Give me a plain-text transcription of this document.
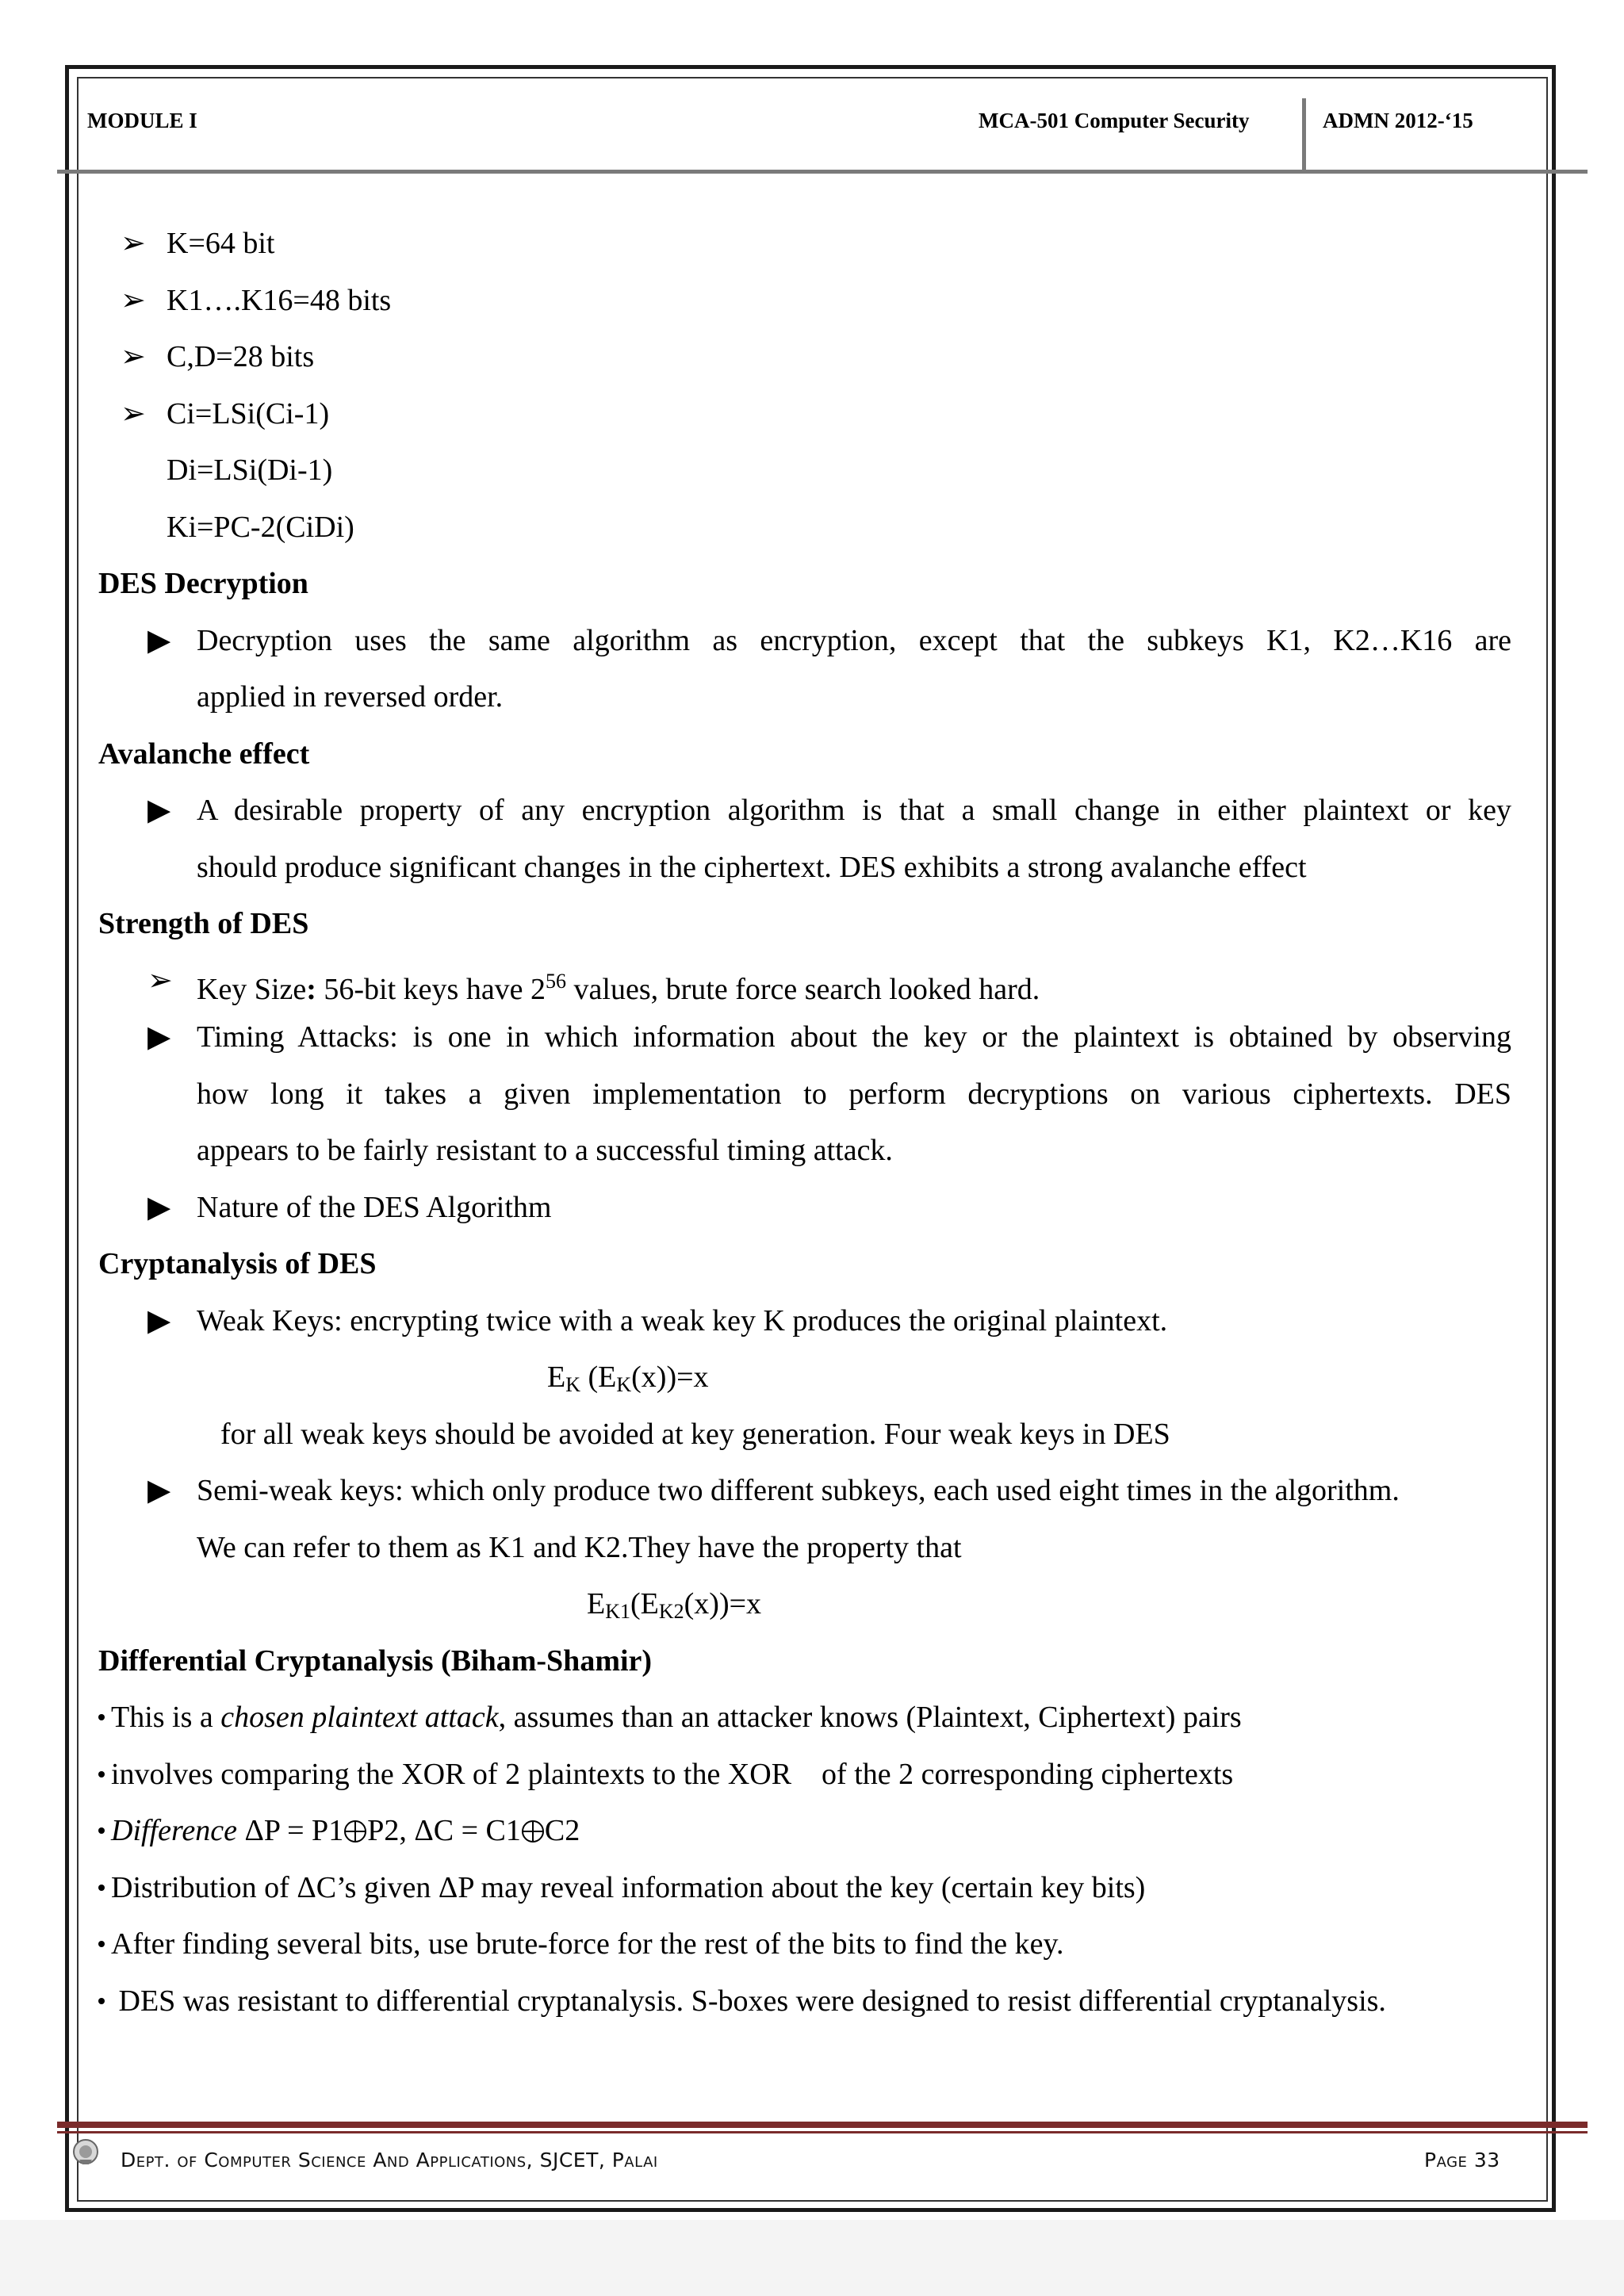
MODULE I	MCA-501 Computer Security	ADMN 2012-‘15
➢ K=64 bit
➢ K1….K16=48 bits
➢ C,D=28 bits
➢ Ci=LSi(Ci-1)
Di=LSi(Di-1)
Ki=PC-2(CiDi)
DES Decryption
▶ Decryption uses the same algorithm as encryption, except that the subkeys K1, K2…K16 are
applied in reversed order.
Avalanche effect
▶ A desirable property of any encryption algorithm is that a small change in either plaintext or key
should produce significant changes in the ciphertext. DES exhibits a strong avalanche effect
Strength of DES
➢ Key Size: 56-bit keys have $2^{56}$ values, brute force search looked hard.
▶ Timing Attacks: is one in which information about the key or the plaintext is obtained by observing
how long it takes a given implementation to perform decryptions on various ciphertexts. DES
appears to be fairly resistant to a successful timing attack.
▶ Nature of the DES Algorithm
Cryptanalysis of DES
▶ Weak Keys: encrypting twice with a weak key K produces the original plaintext.
$E_K$ $(E_K(x))=x$
for all weak keys should be avoided at key generation. Four weak keys in DES
▶ Semi-weak keys: which only produce two different subkeys, each used eight times in the algorithm.
We can refer to them as K1 and K2.They have the property that
$E_{K1}(E_{K2}(x))=x$
Differential Cryptanalysis (Biham-Shamir)
This is a chosen plaintext attack, assumes than an attacker knows (Plaintext, Ciphertext) pairs
involves comparing the XOR of 2 plaintexts to the XOR    of the 2 corresponding ciphertexts
Difference ΔP = P1 P2, ΔC = C1 C2
Distribution of ΔC’s given ΔP may reveal information about the key (certain key bits)
After finding several bits, use brute-force for the rest of the bits to find the key.
DES was resistant to differential cryptanalysis. S-boxes were designed to resist differential cryptanalysis.
Dept. of Computer Science And Applications, SJCET, Palai	Page 33
